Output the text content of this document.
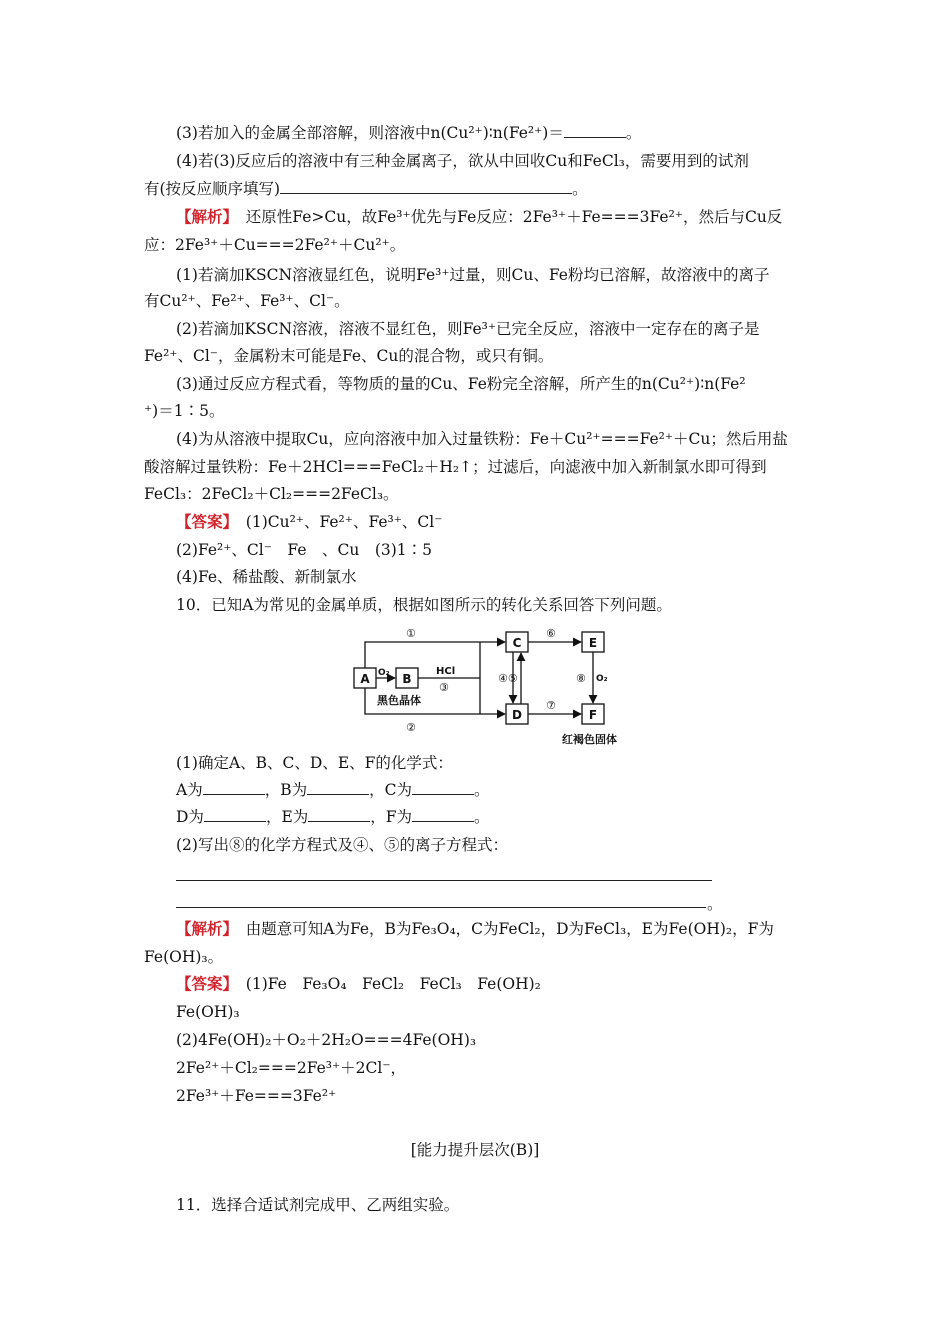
(3)若加入的金属全部溶解，则溶液中n(Cu²⁺)∶n(Fe²⁺)＝	。
(4)若(3)反应后的溶液中有三种金属离子，欲从中回收Cu和FeCl₃，需要用到的试剂
有(按反应顺序填写)	。
【解析】　 还原性Fe>Cu，故Fe³⁺优先与Fe反应：2Fe³⁺＋Fe===3Fe²⁺，然后与Cu反
应：2Fe³⁺＋Cu===2Fe²⁺＋Cu²⁺。
(1)若滴加KSCN溶液显红色，说明Fe³⁺过量，则Cu、Fe粉均已溶解，故溶液中的离子
有Cu²⁺、Fe²⁺、Fe³⁺、Cl⁻。
(2)若滴加KSCN溶液，溶液不显红色，则Fe³⁺已完全反应，溶液中一定存在的离子是
Fe²⁺、Cl⁻，金属粉末可能是Fe、Cu的混合物，或只有铜。
(3)通过反应方程式看，等物质的量的Cu、Fe粉完全溶解，所产生的n(Cu²⁺)∶n(Fe²
⁺)＝1∶5。
(4)为从溶液中提取Cu，应向溶液中加入过量铁粉：Fe＋Cu²⁺===Fe²⁺＋Cu；然后用盐
酸溶解过量铁粉：Fe＋2HCl===FeCl₂＋H₂↑；过滤后，向滤液中加入新制氯水即可得到
FeCl₃：2FeCl₂＋Cl₂===2FeCl₃。
【答案】　 (1)Cu²⁺、Fe²⁺、Fe³⁺、Cl⁻
(2)Fe²⁺、Cl⁻　Fe　、Cu　(3)1∶5
(4)Fe、稀盐酸、新制氯水
10．已知A为常见的金属单质，根据如图所示的转化关系回答下列问题。
A	B
C
D
E
F
①
②
O₂	HCl
③
④⑤
⑥
⑦
⑧ O₂
黑色晶体
红褐色固体
(1)确定A、B、C、D、E、F的化学式：
A为	，B为	，C为	。
D为	，E为	，F为	。
(2)写出⑧的化学方程式及④、⑤的离子方程式：
。
【解析】　 由题意可知A为Fe，B为Fe₃O₄，C为FeCl₂，D为FeCl₃，E为Fe(OH)₂，F为
Fe(OH)₃。
【答案】　 (1)Fe　Fe₃O₄　FeCl₂　FeCl₃　Fe(OH)₂
Fe(OH)₃
(2)4Fe(OH)₂＋O₂＋2H₂O===4Fe(OH)₃
2Fe²⁺＋Cl₂===2Fe³⁺＋2Cl⁻，
2Fe³⁺＋Fe===3Fe²⁺
[能力提升层次(B)]
11．选择合适试剂完成甲、乙两组实验。
